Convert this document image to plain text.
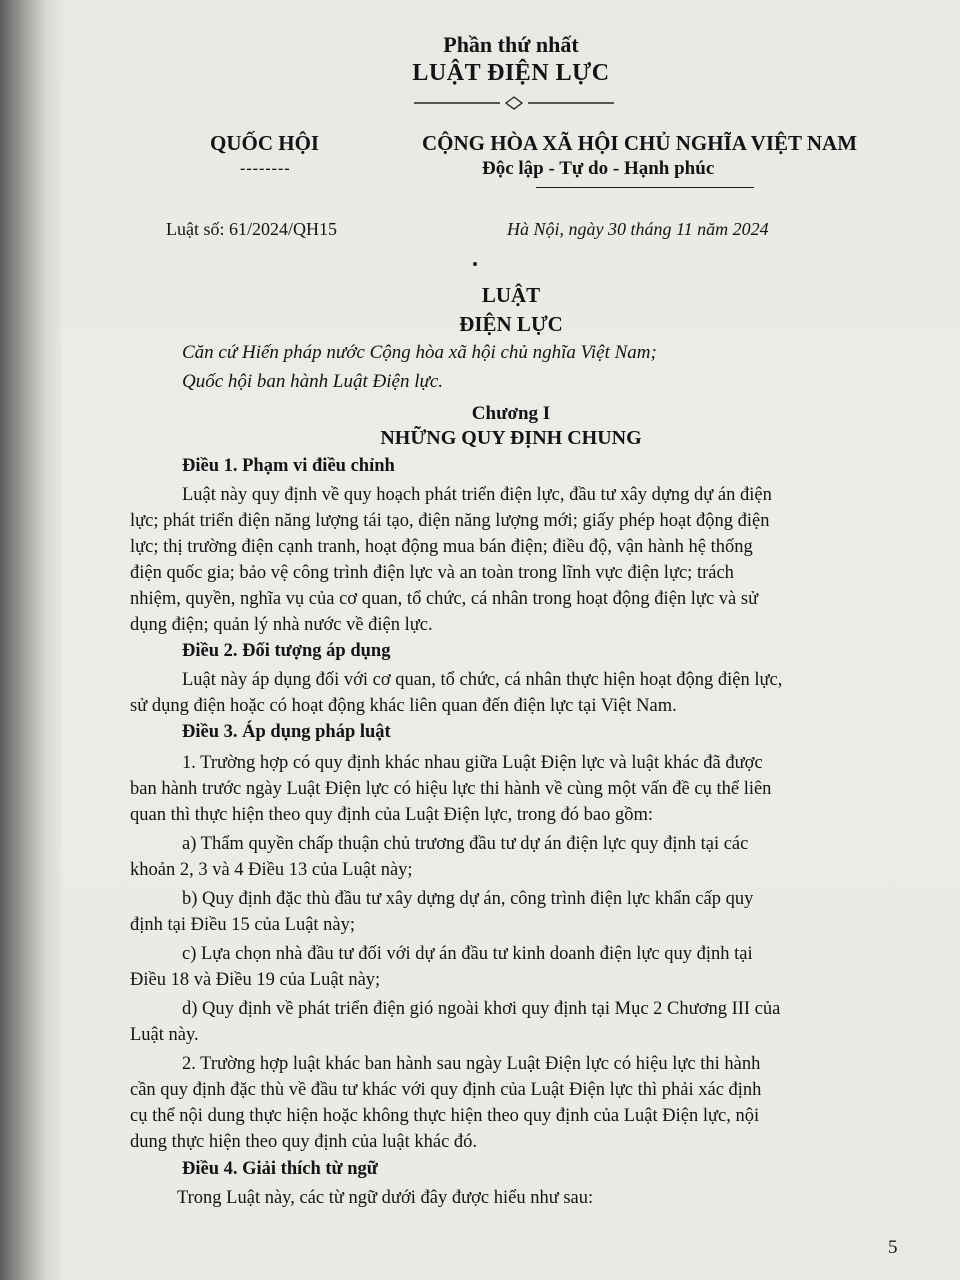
Phần thứ nhất
LUẬT ĐIỆN LỰC
QUỐC HỘI
--------
CỘNG HÒA XÃ HỘI CHỦ NGHĨA VIỆT NAM
Độc lập - Tự do - Hạnh phúc
Luật số: 61/2024/QH15	Hà Nội, ngày 30 tháng 11 năm 2024
LUẬT
ĐIỆN LỰC
Căn cứ Hiến pháp nước Cộng hòa xã hội chủ nghĩa Việt Nam;
Quốc hội ban hành Luật Điện lực.
Chương I
NHỮNG QUY ĐỊNH CHUNG
Điều 1. Phạm vi điều chỉnh
Luật này quy định về quy hoạch phát triển điện lực, đầu tư xây dựng dự án điện
lực; phát triển điện năng lượng tái tạo, điện năng lượng mới; giấy phép hoạt động điện
lực; thị trường điện cạnh tranh, hoạt động mua bán điện; điều độ, vận hành hệ thống
điện quốc gia; bảo vệ công trình điện lực và an toàn trong lĩnh vực điện lực; trách
nhiệm, quyền, nghĩa vụ của cơ quan, tổ chức, cá nhân trong hoạt động điện lực và sử
dụng điện; quản lý nhà nước về điện lực.
Điều 2. Đối tượng áp dụng
Luật này áp dụng đối với cơ quan, tổ chức, cá nhân thực hiện hoạt động điện lực,
sử dụng điện hoặc có hoạt động khác liên quan đến điện lực tại Việt Nam.
Điều 3. Áp dụng pháp luật
1. Trường hợp có quy định khác nhau giữa Luật Điện lực và luật khác đã được
ban hành trước ngày Luật Điện lực có hiệu lực thi hành về cùng một vấn đề cụ thể liên
quan thì thực hiện theo quy định của Luật Điện lực, trong đó bao gồm:
a) Thẩm quyền chấp thuận chủ trương đầu tư dự án điện lực quy định tại các
khoản 2, 3 và 4 Điều 13 của Luật này;
b) Quy định đặc thù đầu tư xây dựng dự án, công trình điện lực khẩn cấp quy
định tại Điều 15 của Luật này;
c) Lựa chọn nhà đầu tư đối với dự án đầu tư kinh doanh điện lực quy định tại
Điều 18 và Điều 19 của Luật này;
d) Quy định về phát triển điện gió ngoài khơi quy định tại Mục 2 Chương III của
Luật này.
2. Trường hợp luật khác ban hành sau ngày Luật Điện lực có hiệu lực thi hành
cần quy định đặc thù về đầu tư khác với quy định của Luật Điện lực thì phải xác định
cụ thể nội dung thực hiện hoặc không thực hiện theo quy định của Luật Điện lực, nội
dung thực hiện theo quy định của luật khác đó.
Điều 4. Giải thích từ ngữ
Trong Luật này, các từ ngữ dưới đây được hiểu như sau:
5
